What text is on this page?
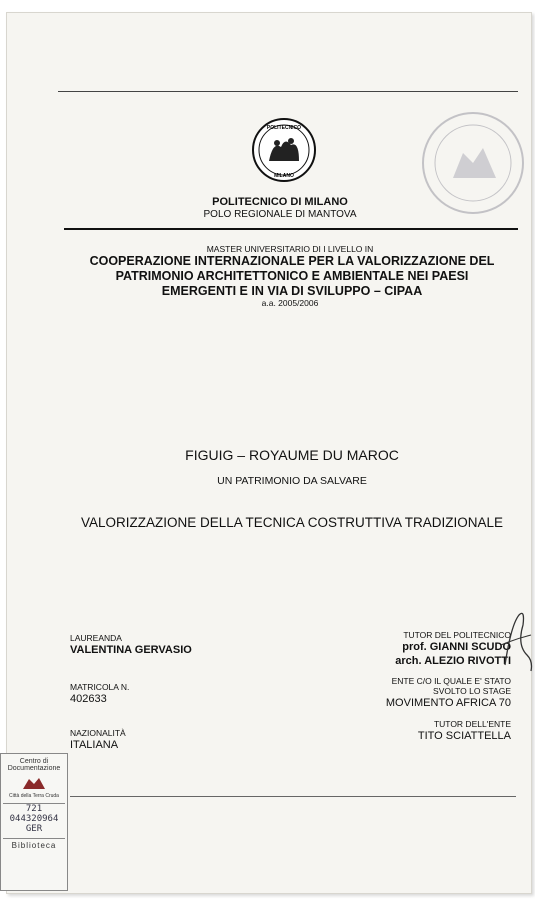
POLITECNICO
MILANO
POLITECNICO DI MILANO
POLO REGIONALE DI MANTOVA
MASTER UNIVERSITARIO DI I LIVELLO IN
COOPERAZIONE INTERNAZIONALE PER LA VALORIZZAZIONE DEL
PATRIMONIO ARCHITETTONICO E AMBIENTALE NEI PAESI
EMERGENTI E IN VIA DI SVILUPPO – CIPAA
a.a. 2005/2006
FIGUIG – ROYAUME DU MAROC
UN PATRIMONIO DA SALVARE
VALORIZZAZIONE DELLA TECNICA COSTRUTTIVA TRADIZIONALE
LAUREANDA
VALENTINA GERVASIO
MATRICOLA N.
402633
NAZIONALITÀ
ITALIANA
TUTOR DEL POLITECNICO
prof. GIANNI SCUDO
arch. ALEZIO RIVOTTI
ENTE C/O IL QUALE E' STATO
SVOLTO LO STAGE
MOVIMENTO AFRICA 70
TUTOR DELL'ENTE
TITO SCIATTELLA
Centro di
Documentazione
Città della Terra Cruda
721
044320964
GER
Biblioteca
